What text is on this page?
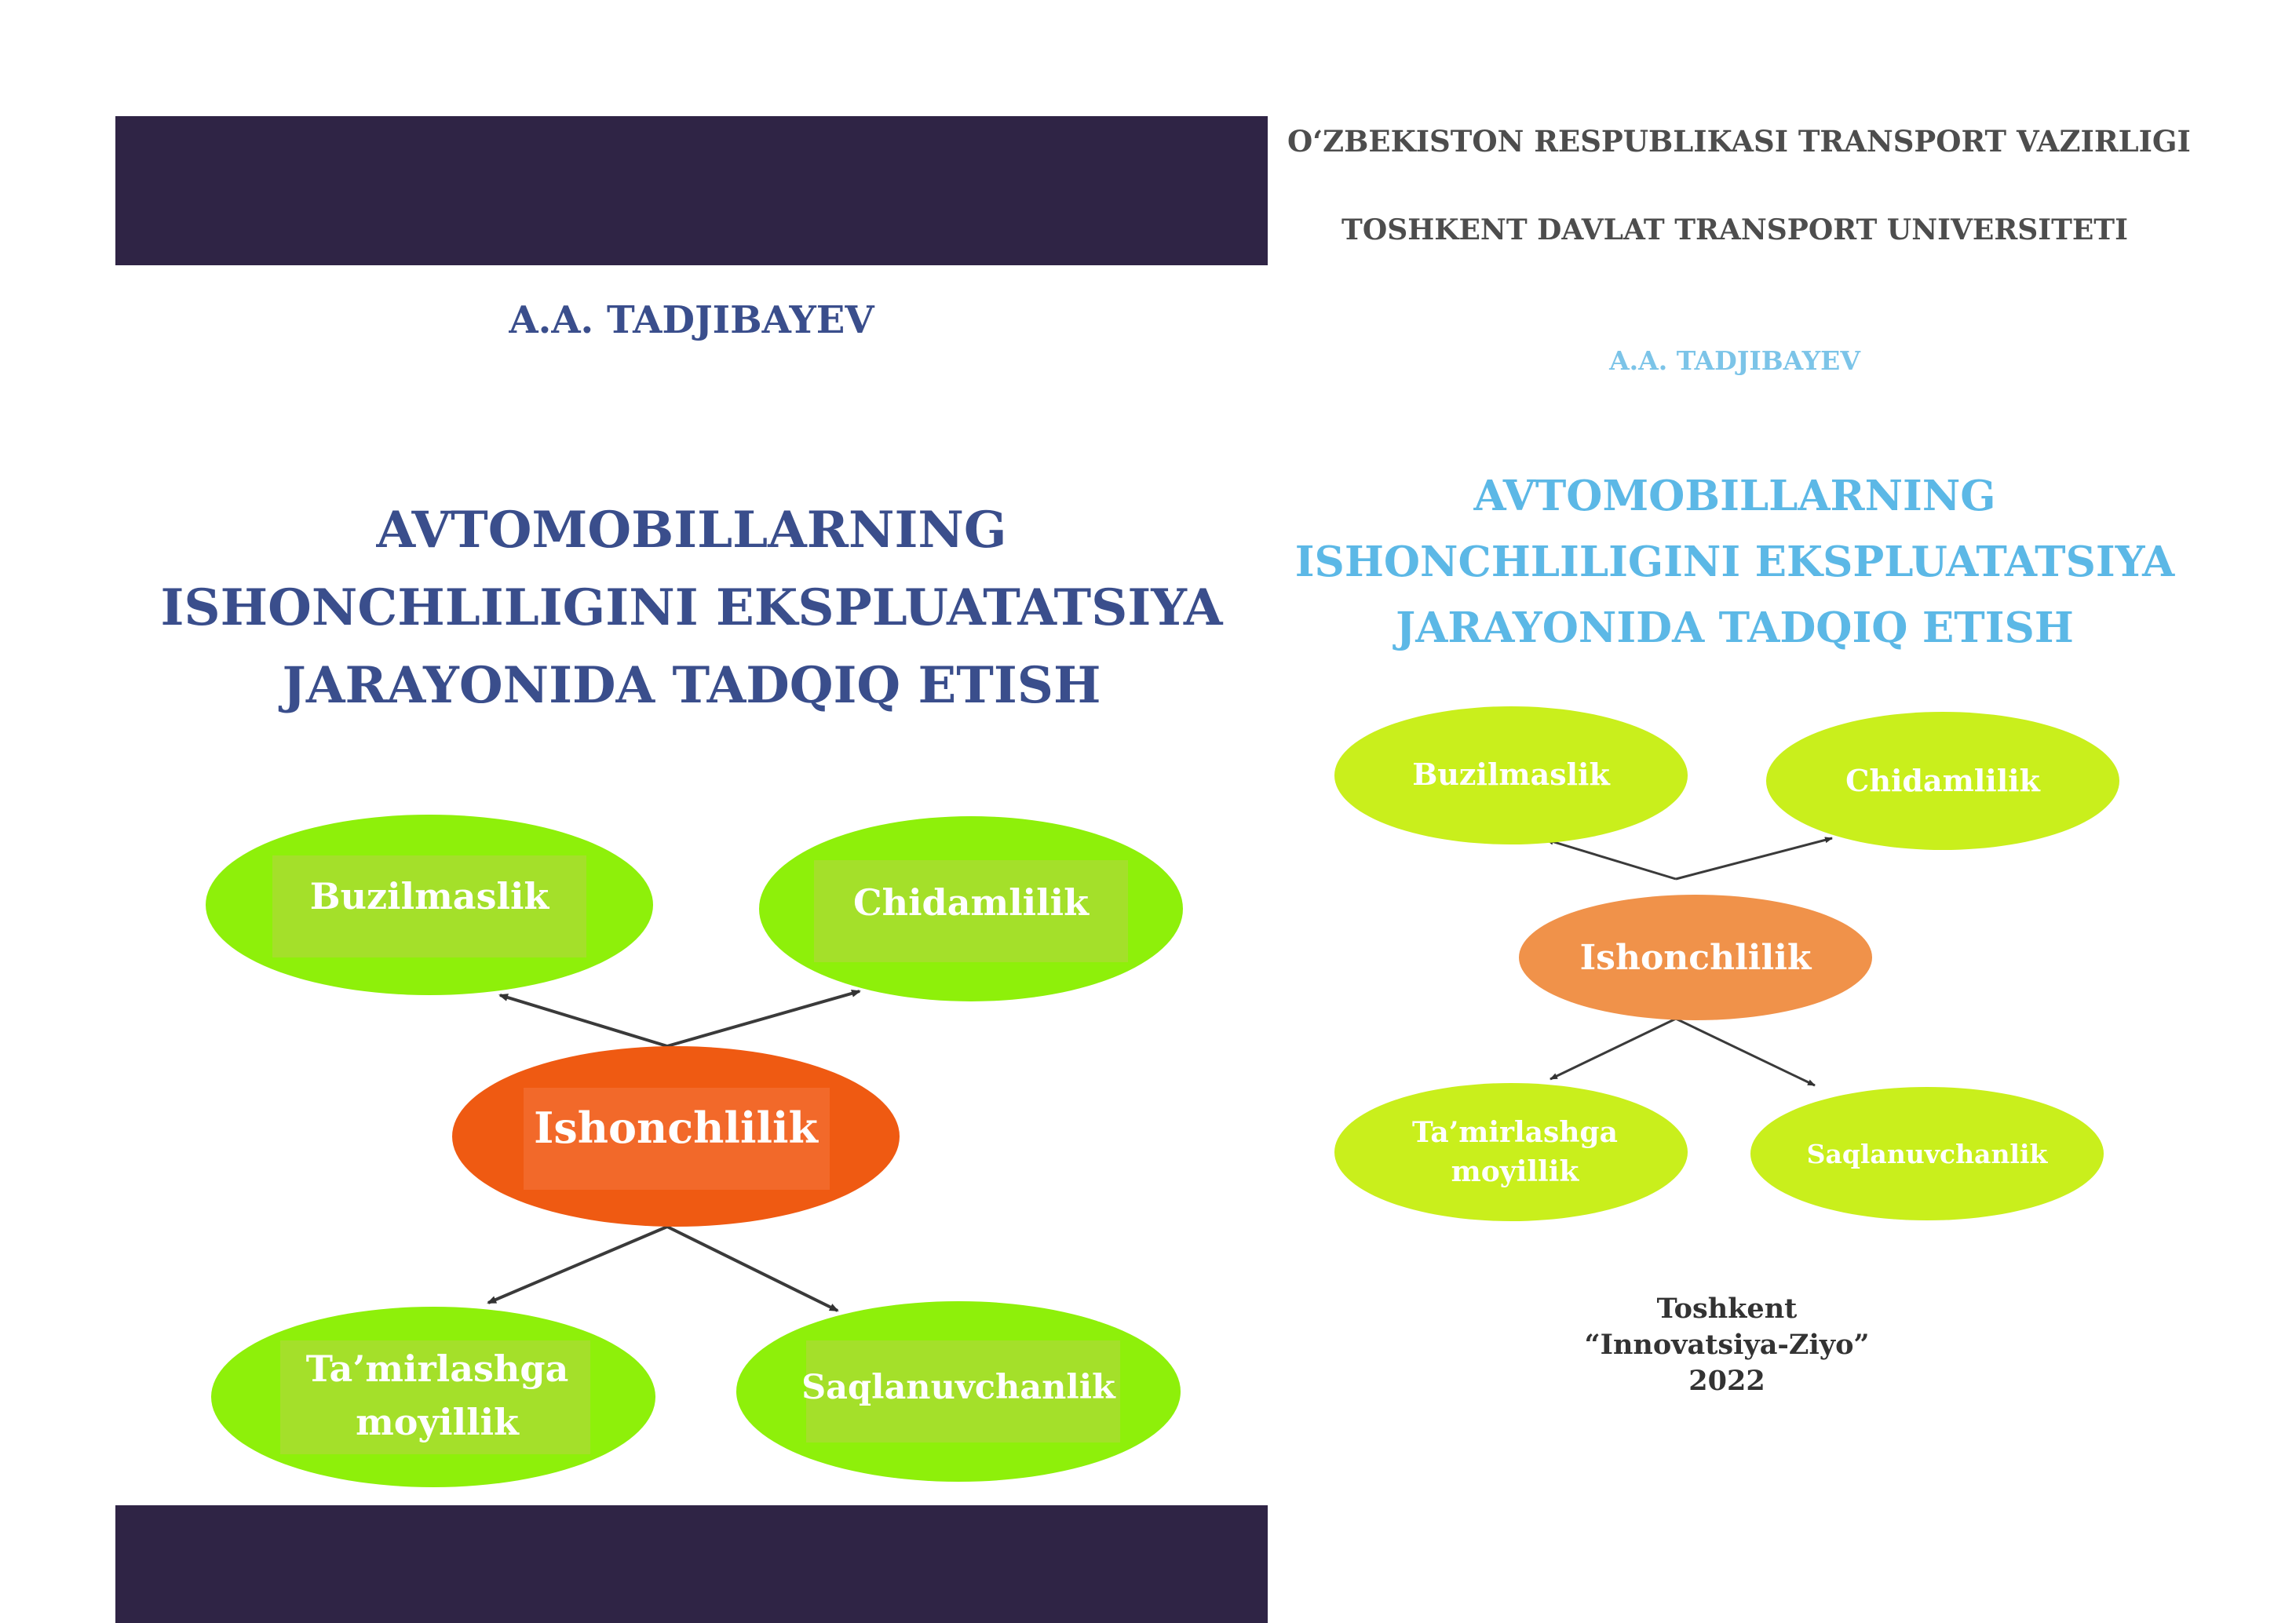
A.A. TADJIBAYEV
AVTOMOBILLARNING
ISHONCHLILIGINI EKSPLUATATSIYA
JARAYONIDA TADQIQ ETISH
Buzilmaslik	Chidamlilik
Ishonchlilik
Ta’mirlashga
moyillik
Saqlanuvchanlik
O‘ZBEKISTON RESPUBLIKASI TRANSPORT VAZIRLIGI
TOSHKENT DAVLAT TRANSPORT UNIVERSITETI
A.A. TADJIBAYEV
AVTOMOBILLARNING
ISHONCHLILIGINI EKSPLUATATSIYA
JARAYONIDA TADQIQ ETISH
Buzilmaslik	Chidamlilik
Ishonchlilik
Ta’mirlashga
moyillik
Saqlanuvchanlik
Toshkent
“Innovatsiya-Ziyo”
2022
